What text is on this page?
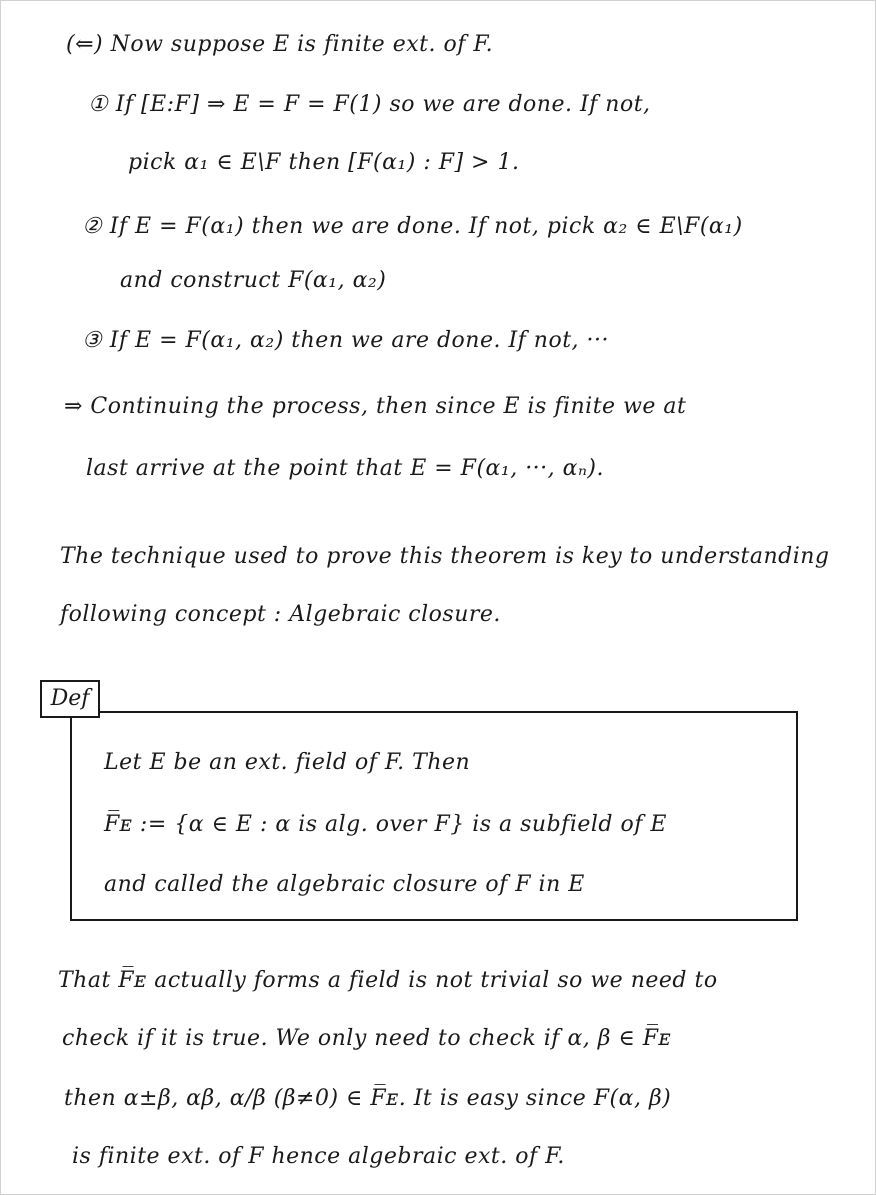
(⇐) Now suppose E is finite ext. of F.
① If [E:F] ⇒ E = F = F(1) so we are done. If not,
pick α₁ ∈ E\F then [F(α₁) : F] > 1.
② If E = F(α₁) then we are done. If not, pick α₂ ∈ E\F(α₁)
and construct F(α₁, α₂)
③ If E = F(α₁, α₂) then we are done. If not, ···
⇒ Continuing the process, then since E is finite we at
last arrive at the point that E = F(α₁, ···, αₙ).
The technique used to prove this theorem is key to understanding
following concept : Algebraic closure.
Def
Let E be an ext. field of F. Then
F̅ᴇ := {α ∈ E : α is alg. over F} is a subfield of E
and called the algebraic closure of F in E
That F̅ᴇ actually forms a field is not trivial so we need to
check if it is true. We only need to check if α, β ∈ F̅ᴇ
then α±β, αβ, α/β (β≠0) ∈ F̅ᴇ. It is easy since F(α, β)
is finite ext. of F hence algebraic ext. of F.
